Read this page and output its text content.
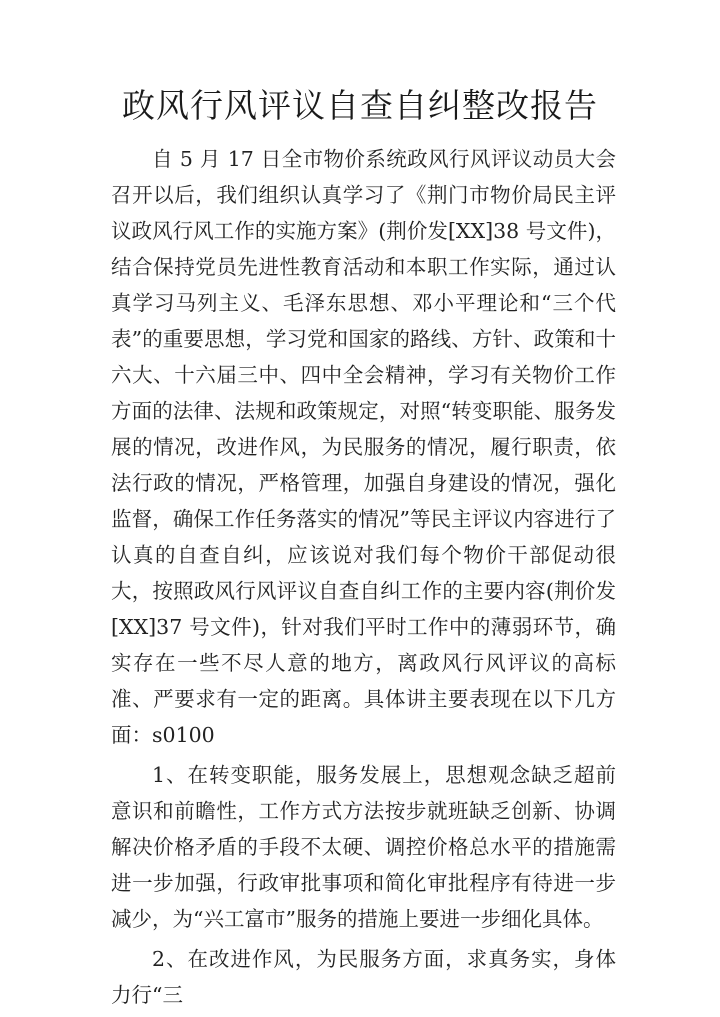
政风行风评议自查自纠整改报告

自 5 月 17 日全市物价系统政风行风评议动员大会召开以后，我们组织认真学习了《荆门市物价局民主评议政风行风工作的实施方案》(荆价发[XX]38 号文件)，结合保持党员先进性教育活动和本职工作实际，通过认真学习马列主义、毛泽东思想、邓小平理论和“三个代表”的重要思想，学习党和国家的路线、方针、政策和十六大、十六届三中、四中全会精神，学习有关物价工作方面的法律、法规和政策规定，对照“转变职能、服务发展的情况，改进作风，为民服务的情况，履行职责，依法行政的情况，严格管理，加强自身建设的情况，强化监督，确保工作任务落实的情况”等民主评议内容进行了认真的自查自纠，应该说对我们每个物价干部促动很大，按照政风行风评议自查自纠工作的主要内容(荆价发[XX]37 号文件)，针对我们平时工作中的薄弱环节，确实存在一些不尽人意的地方，离政风行风评议的高标准、严要求有一定的距离。具体讲主要表现在以下几方面：s0100

1、在转变职能，服务发展上，思想观念缺乏超前意识和前瞻性，工作方式方法按步就班缺乏创新、协调解决价格矛盾的手段不太硬、调控价格总水平的措施需进一步加强，行政审批事项和简化审批程序有待进一步减少，为“兴工富市”服务的措施上要进一步细化具体。

2、在改进作风，为民服务方面，求真务实，身体力行“三
